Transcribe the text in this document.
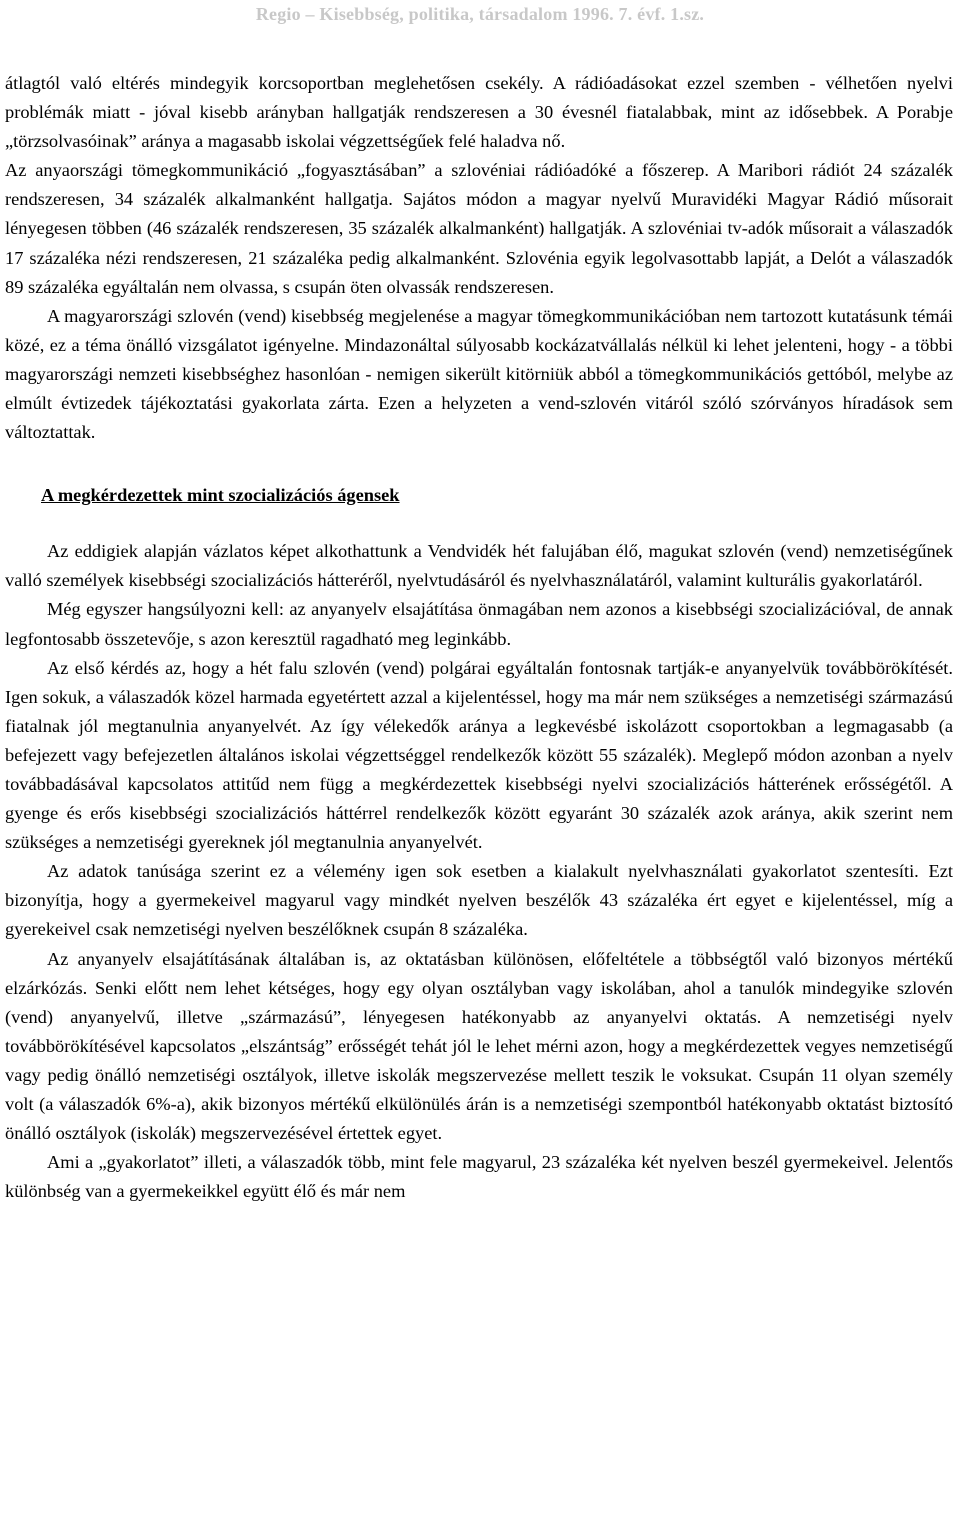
Regio – Kisebbség, politika, társadalom 1996. 7. évf. 1.sz.

átlagtól való eltérés mindegyik korcsoportban meglehetősen csekély. A rádióadásokat ezzel szemben - vélhetően nyelvi problémák miatt - jóval kisebb arányban hallgatják rendszeresen a 30 évesnél fiatalabbak, mint az idősebbek. A Porabje „törzsolvasóinak” aránya a magasabb iskolai végzettségűek felé haladva nő.

Az anyaországi tömegkommunikáció „fogyasztásában” a szlovéniai rádióadóké a főszerep. A Maribori rádiót 24 százalék rendszeresen, 34 százalék alkalmanként hallgatja. Sajátos módon a magyar nyelvű Muravidéki Magyar Rádió műsorait lényegesen többen (46 százalék rendszeresen, 35 százalék alkalmanként) hallgatják. A szlovéniai tv-adók műsorait a válaszadók 17 százaléka nézi rendszeresen, 21 százaléka pedig alkalmanként. Szlovénia egyik legolvasottabb lapját, a Delót a válaszadók 89 százaléka egyáltalán nem olvassa, s csupán öten olvassák rendszeresen.

A magyarországi szlovén (vend) kisebbség megjelenése a magyar tömegkommunikációban nem tartozott kutatásunk témái közé, ez a téma önálló vizsgálatot igényelne. Mindazonáltal súlyosabb kockázatvállalás nélkül ki lehet jelenteni, hogy - a többi magyarországi nemzeti kisebbséghez hasonlóan - nemigen sikerült kitörniük abból a tömegkommunikációs gettóból, melybe az elmúlt évtizedek tájékoztatási gyakorlata zárta. Ezen a helyzeten a vend-szlovén vitáról szóló szórványos híradások sem változtattak.

A megkérdezettek mint szocializációs ágensek

Az eddigiek alapján vázlatos képet alkothattunk a Vendvidék hét falujában élő, magukat szlovén (vend) nemzetiségűnek valló személyek kisebbségi szocializációs hátteréről, nyelvtudásáról és nyelvhasználatáról, valamint kulturális gyakorlatáról.

Még egyszer hangsúlyozni kell: az anyanyelv elsajátítása önmagában nem azonos a kisebbségi szocializációval, de annak legfontosabb összetevője, s azon keresztül ragadható meg leginkább.

Az első kérdés az, hogy a hét falu szlovén (vend) polgárai egyáltalán fontosnak tartják-e anyanyelvük továbbörökítését. Igen sokuk, a válaszadók közel harmada egyetértett azzal a kijelentéssel, hogy ma már nem szükséges a nemzetiségi származású fiatalnak jól megtanulnia anyanyelvét. Az így vélekedők aránya a legkevésbé iskolázott csoportokban a legmagasabb (a befejezett vagy befejezetlen általános iskolai végzettséggel rendelkezők között 55 százalék). Meglepő módon azonban a nyelv továbbadásával kapcsolatos attitűd nem függ a megkérdezettek kisebbségi nyelvi szocializációs hátterének erősségétől. A gyenge és erős kisebbségi szocializációs háttérrel rendelkezők között egyaránt 30 százalék azok aránya, akik szerint nem szükséges a nemzetiségi gyereknek jól megtanulnia anyanyelvét.

Az adatok tanúsága szerint ez a vélemény igen sok esetben a kialakult nyelvhasználati gyakorlatot szentesíti. Ezt bizonyítja, hogy a gyermekeivel magyarul vagy mindkét nyelven beszélők 43 százaléka ért egyet e kijelentéssel, míg a gyerekeivel csak nemzetiségi nyelven beszélőknek csupán 8 százaléka.

Az anyanyelv elsajátításának általában is, az oktatásban különösen, előfeltétele a többségtől való bizonyos mértékű elzárkózás. Senki előtt nem lehet kétséges, hogy egy olyan osztályban vagy iskolában, ahol a tanulók mindegyike szlovén (vend) anyanyelvű, illetve „származású”, lényegesen hatékonyabb az anyanyelvi oktatás. A nemzetiségi nyelv továbbörökítésével kapcsolatos „elszántság” erősségét tehát jól le lehet mérni azon, hogy a megkérdezettek vegyes nemzetiségű vagy pedig önálló nemzetiségi osztályok, illetve iskolák megszervezése mellett teszik le voksukat. Csupán 11 olyan személy volt (a válaszadók 6%-a), akik bizonyos mértékű elkülönülés árán is a nemzetiségi szempontból hatékonyabb oktatást biztosító önálló osztályok (iskolák) megszervezésével értettek egyet.

Ami a „gyakorlatot” illeti, a válaszadók több, mint fele magyarul, 23 százaléka két nyelven beszél gyermekeivel. Jelentős különbség van a gyermekeikkel együtt élő és már nem
